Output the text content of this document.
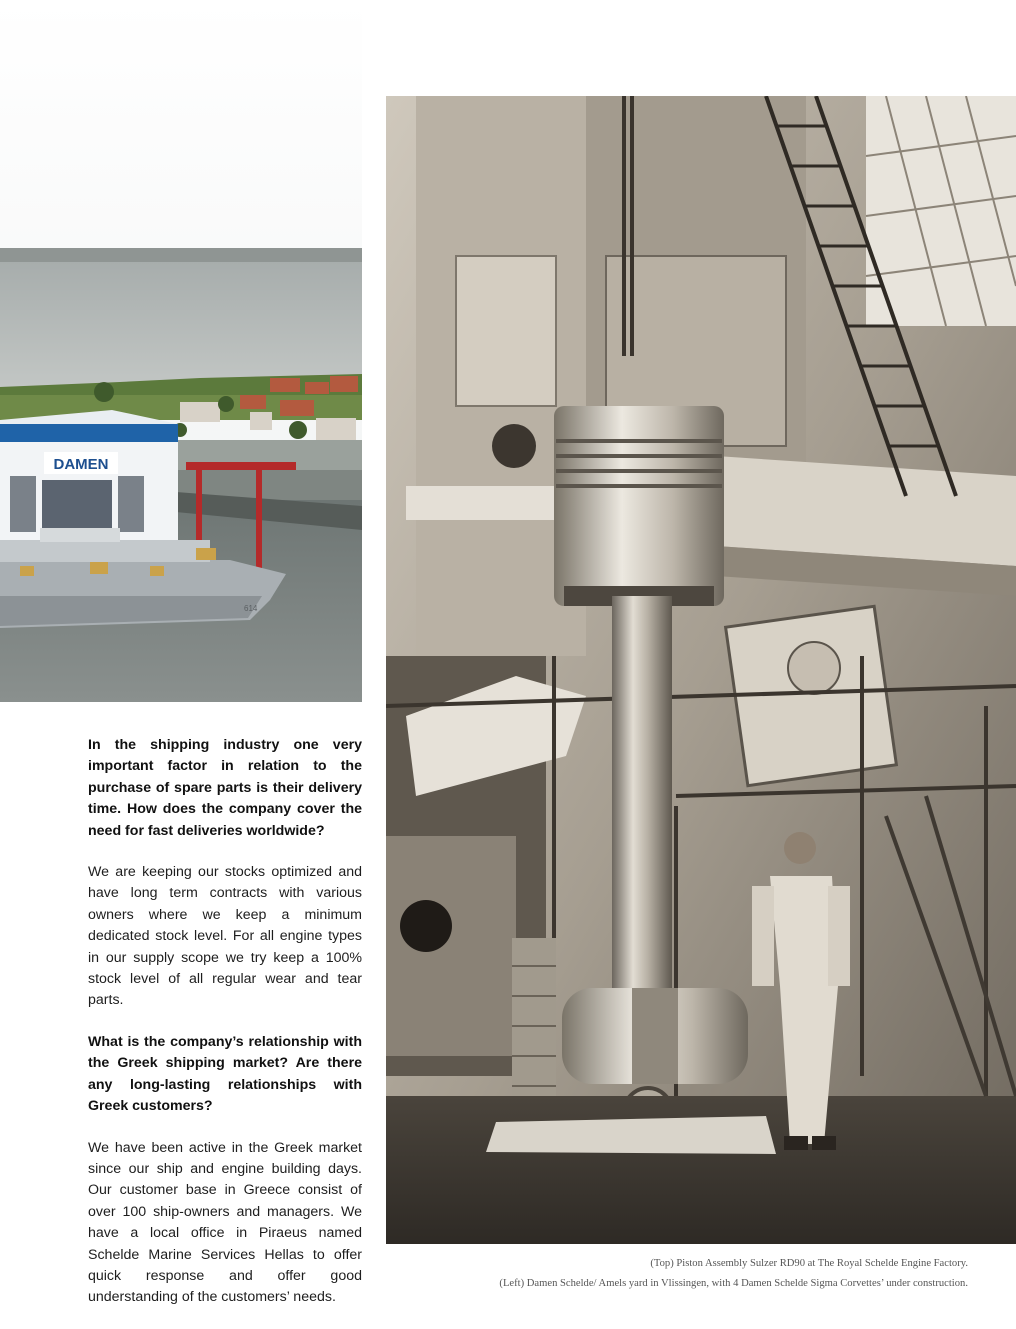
DAMEN
614

In the shipping industry one very important factor in relation to the purchase of spare parts is their delivery time. How does the company cover the need for fast deliveries worldwide?

We are keeping our stocks optimized and have long term contracts with various owners where we keep a minimum dedicated stock level. For all engine types in our supply scope we try keep a 100% stock level of all regular wear and tear parts.

What is the company’s relationship with the Greek shipping market? Are there any long-lasting relationships with Greek customers?

We have been active in the Greek market since our ship and engine building days. Our customer base in Greece consist of over 100 ship-owners and managers. We have a local office in Piraeus named Schelde Marine Services Hellas to offer quick response and offer good understanding of the customers’ needs.

(Top) Piston Assembly Sulzer RD90 at The Royal Schelde Engine Factory.
(Left) Damen Schelde/ Amels yard in Vlissingen, with 4 Damen Schelde Sigma Corvettes’ under construction.
